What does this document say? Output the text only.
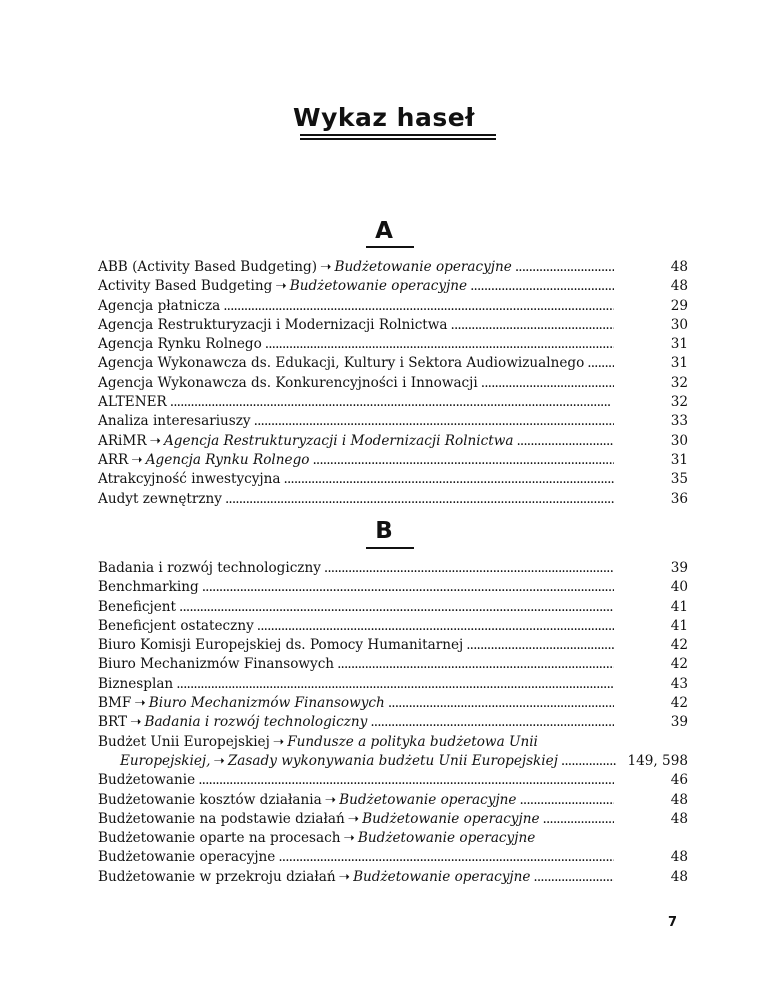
Wykaz haseł
A
ABB (Activity Based Budgeting) ➝ Budżetowanie operacyjne . . .	48
Activity Based Budgeting ➝ Budżetowanie operacyjne . . .	48
Agencja płatnicza . . .	29
Agencja Restrukturyzacji i Modernizacji Rolnictwa . . .	30
Agencja Rynku Rolnego . . .	31
Agencja Wykonawcza ds. Edukacji, Kultury i Sektora Audiowizualnego . . .	31
Agencja Wykonawcza ds. Konkurencyjności i Innowacji . . .	32
ALTENER . . .	32
Analiza interesariuszy . . .	33
ARiMR ➝ Agencja Restrukturyzacji i Modernizacji Rolnictwa . . .	30
ARR ➝ Agencja Rynku Rolnego . . .	31
Atrakcyjność inwestycyjna . . .	35
Audyt zewnętrzny . . .	36
B
Badania i rozwój technologiczny . . .	39
Benchmarking . . .	40
Beneficjent . . .	41
Beneficjent ostateczny . . .	41
Biuro Komisji Europejskiej ds. Pomocy Humanitarnej . . .	42
Biuro Mechanizmów Finansowych . . .	42
Biznesplan . . .	43
BMF ➝ Biuro Mechanizmów Finansowych . . .	42
BRT ➝ Badania i rozwój technologiczny . . .	39
Budżet Unii Europejskiej ➝ Fundusze a polityka budżetowa Unii
Europejskiej, ➝ Zasady wykonywania budżetu Unii Europejskiej . . .	149, 598
Budżetowanie . . .	46
Budżetowanie kosztów działania ➝ Budżetowanie operacyjne . . .	48
Budżetowanie na podstawie działań ➝ Budżetowanie operacyjne . . .	48
Budżetowanie oparte na procesach ➝ Budżetowanie operacyjne
Budżetowanie operacyjne . . .	48
Budżetowanie w przekroju działań ➝ Budżetowanie operacyjne . . .	48
7
